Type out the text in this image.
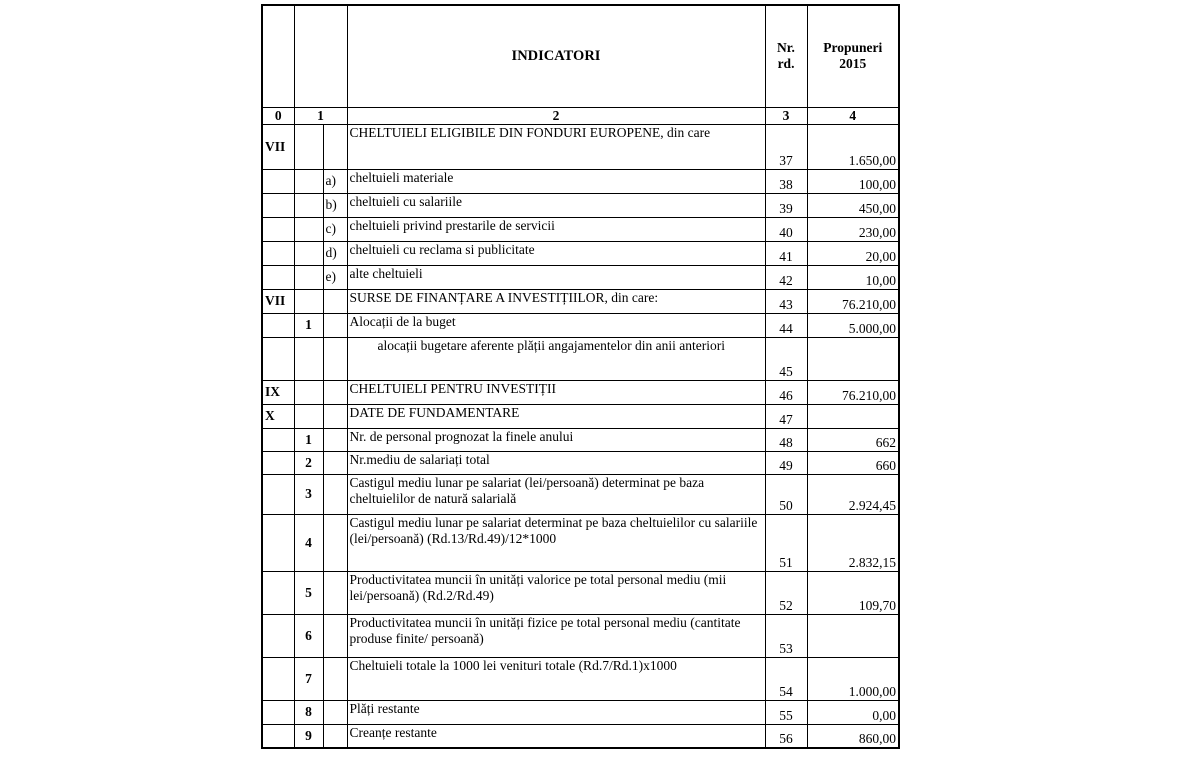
			INDICATORI	Nr. rd.	Propuneri 2015
0	1		2	3	4
VII			CHELTUIELI ELIGIBILE DIN FONDURI EUROPENE, din care	37	1.650,00
		a)	cheltuieli materiale	38	100,00
		b)	cheltuieli cu salariile	39	450,00
		c)	cheltuieli privind prestarile de servicii	40	230,00
		d)	cheltuieli cu reclama si publicitate	41	20,00
		e)	alte cheltuieli	42	10,00
VII			SURSE DE FINANȚARE A INVESTIȚIILOR, din care:	43	76.210,00
	1		Alocații de la buget	44	5.000,00
			alocații bugetare aferente plății angajamentelor din anii anteriori	45	
IX			CHELTUIELI PENTRU INVESTIȚII	46	76.210,00
X			DATE DE FUNDAMENTARE	47	
	1		Nr. de personal prognozat la finele anului	48	662
	2		Nr.mediu de salariați total	49	660
	3		Castigul mediu lunar pe salariat (lei/persoană) determinat pe baza cheltuielilor de natură salarială	50	2.924,45
	4		Castigul mediu lunar pe salariat determinat pe baza cheltuielilor cu salariile (lei/persoană) (Rd.13/Rd.49)/12*1000	51	2.832,15
	5		Productivitatea muncii în unități valorice pe total personal mediu (mii lei/persoană) (Rd.2/Rd.49)	52	109,70
	6		Productivitatea muncii în unități fizice pe total personal mediu (cantitate produse finite/ persoană)	53	
	7		Cheltuieli totale la 1000 lei venituri totale (Rd.7/Rd.1)x1000	54	1.000,00
	8		Plăți restante	55	0,00
	9		Creanțe restante	56	860,00
